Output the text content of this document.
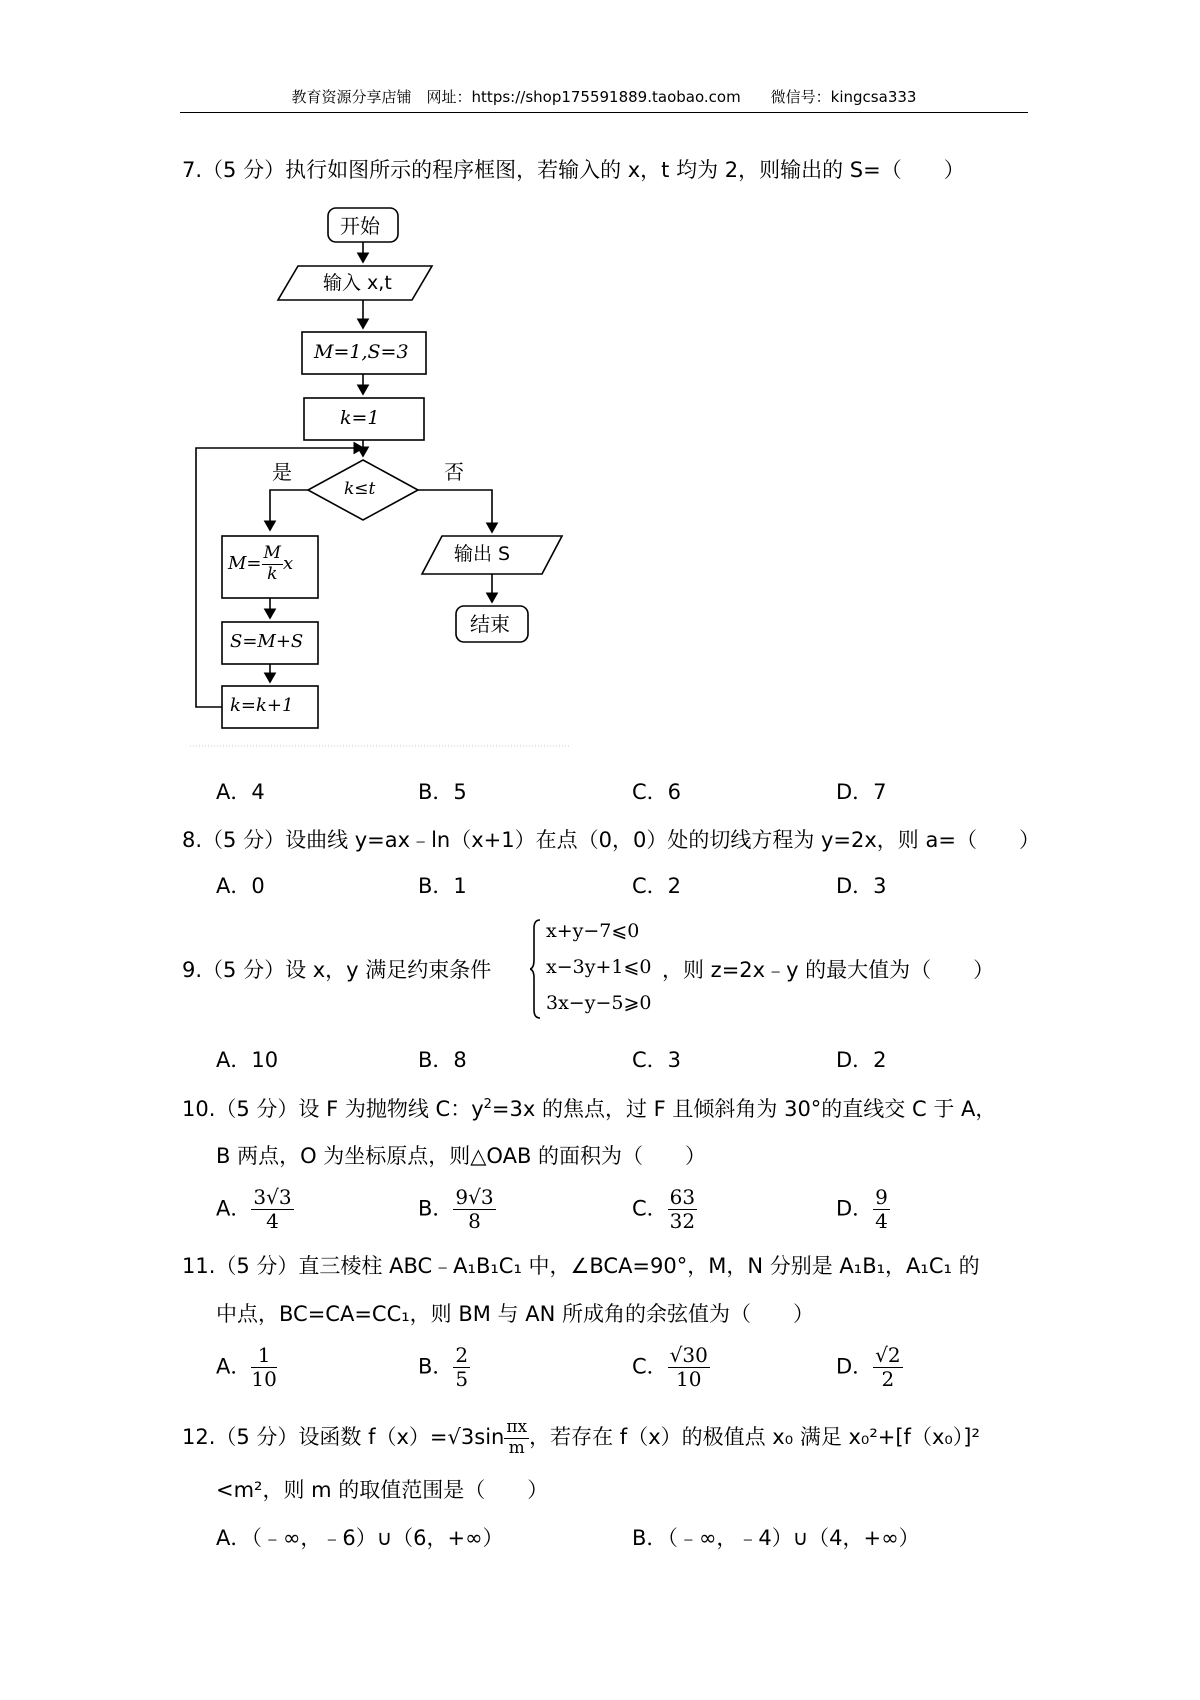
教育资源分享店铺　网址：https://shop175591889.taobao.com　　微信号：kingcsa333
7.（5 分）执行如图所示的程序框图，若输入的 x，t 均为 2，则输出的 S=（　　）
开始
输入 x,t
M=1,S=3
k=1
k≤t
是	否
$M= \frac{M}{k}$ x
S=M+S
k=k+1
输出 S
结束
A．4	B．5	C．6	D．7
8.（5 分）设曲线 y=ax﹣ln（x+1）在点（0，0）处的切线方程为 y=2x，则 a=（　　）
A．0	B．1	C．2	D．3
9.（5 分）设 x，y 满足约束条件
x+y−7⩽0
x−3y+1⩽0
3x−y−5⩾0
，则 z=2x﹣y 的最大值为（　　）
A．10	B．8	C．3	D．2
10.（5 分）设 F 为抛物线 C：$y^2=3x$ 的焦点，过 F 且倾斜角为 30°的直线交 C 于 A，
B 两点，O 为坐标原点，则△OAB 的面积为（　　）
A． $\frac{3√3}{4}$	B． $\frac{9√3}{8}$	C． $\frac{63}{32}$	D． $\frac{9}{4}$
11.（5 分）直三棱柱 ABC﹣A₁B₁C₁ 中，∠BCA=90°，M，N 分别是 A₁B₁，A₁C₁ 的
中点，BC=CA=CC₁，则 BM 与 AN 所成角的余弦值为（　　）
A． $\frac{1}{10}$	B． $\frac{2}{5}$	C． $\frac{√30}{10}$	D． $\frac{√2}{2}$
12.（5 分）设函数 $f(x)=√3\sin \frac{\pi x}{m}$ ，若存在 f（x）的极值点 x₀ 满足 x₀²+[f（x₀）]²
<m²，则 m 的取值范围是（　　）
A．（﹣∞，﹣6）∪（6，+∞）	B．（﹣∞，﹣4）∪（4，+∞）
